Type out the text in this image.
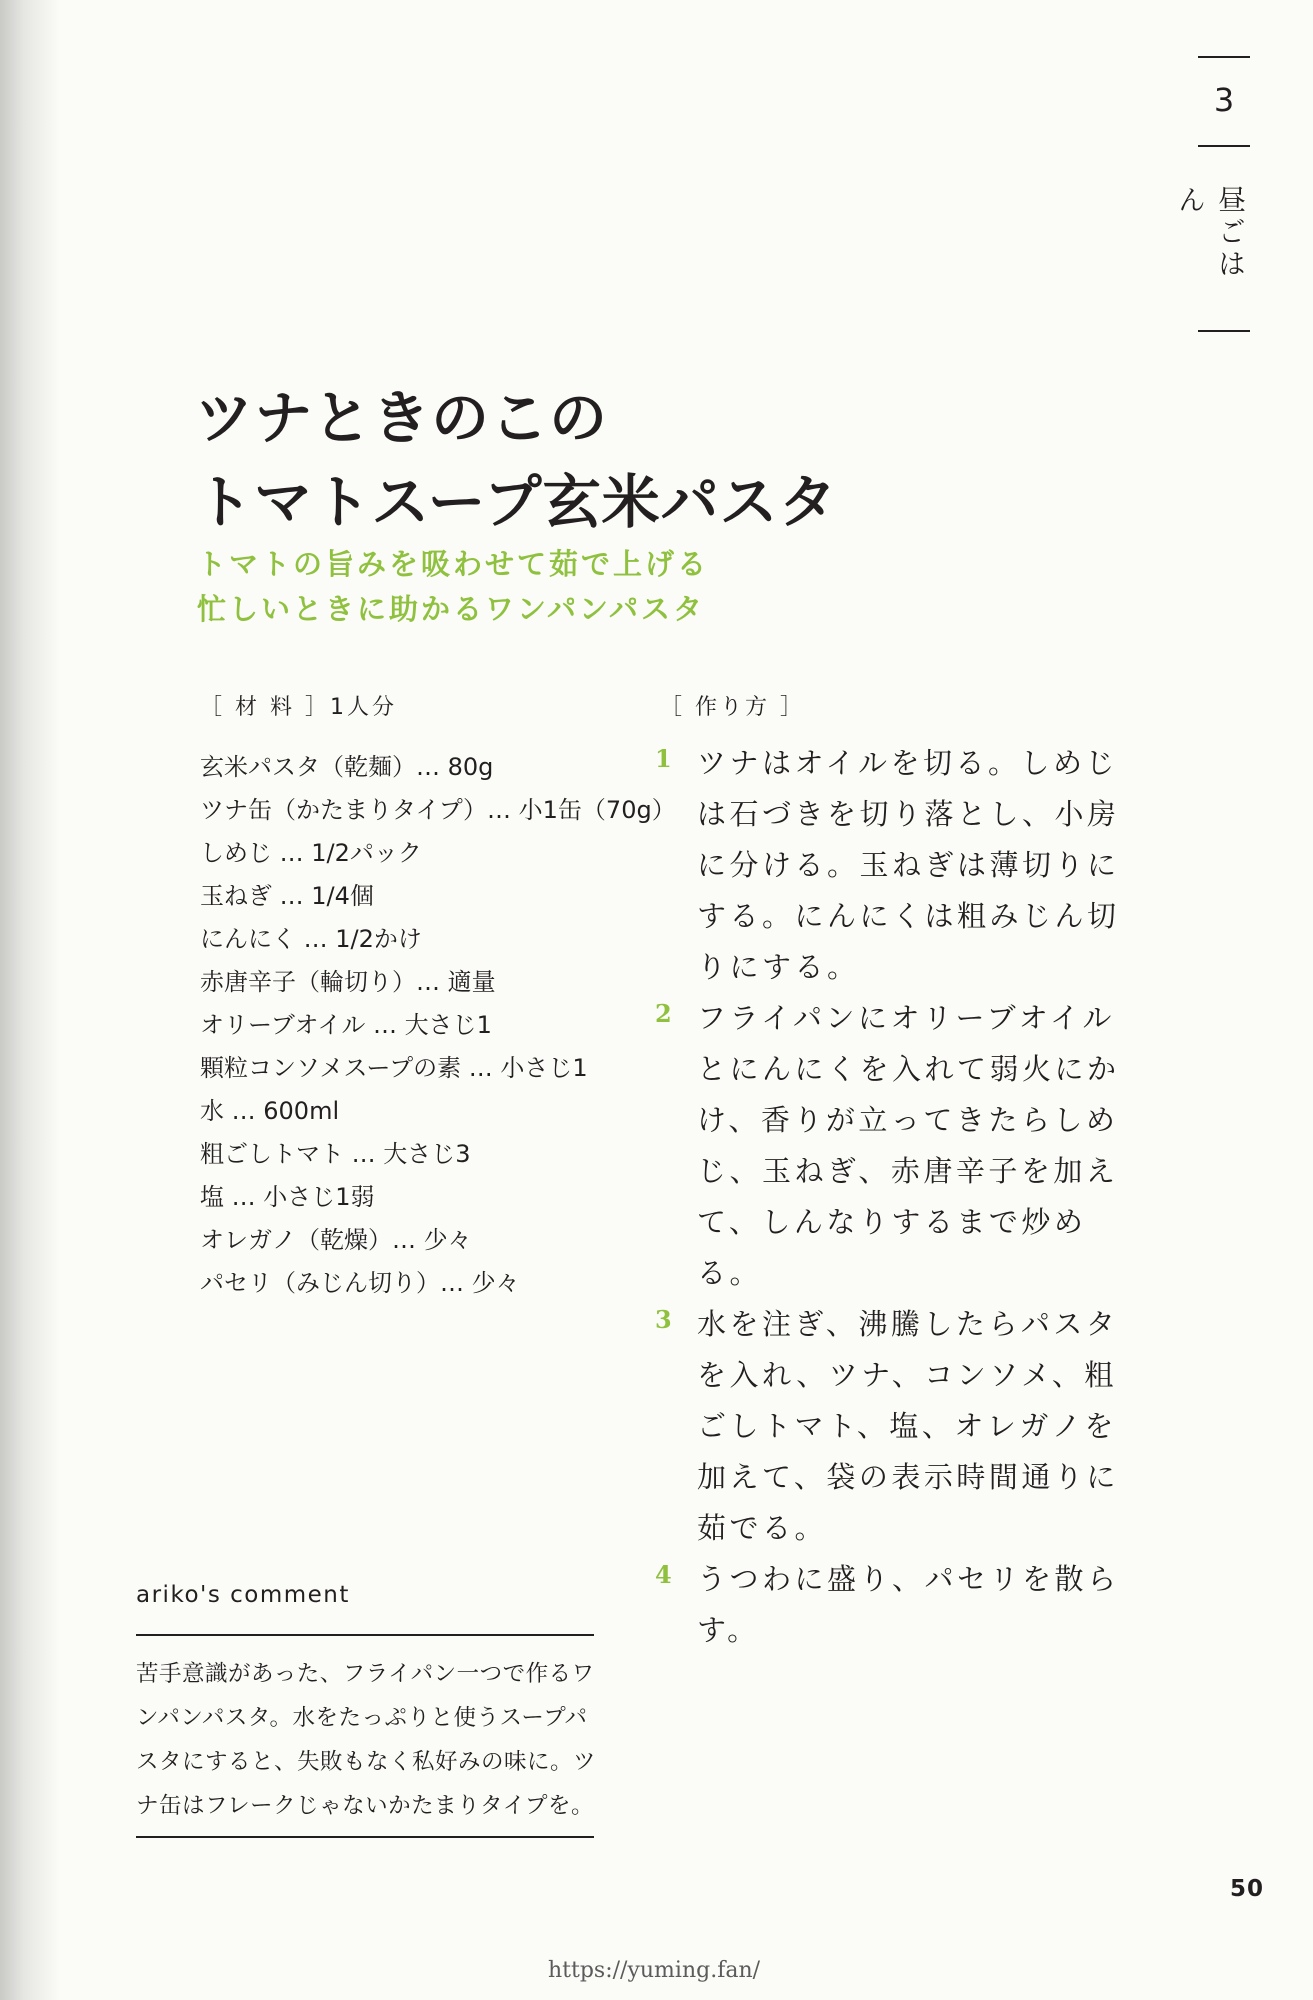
3
昼ごはん
ツナときのこの
トマトスープ玄米パスタ
トマトの旨みを吸わせて茹で上げる
忙しいときに助かるワンパンパスタ
［ 材 料 ］1人分
玄米パスタ（乾麺）… 80g
ツナ缶（かたまりタイプ）… 小1缶（70g）
しめじ … 1/2パック
玉ねぎ … 1/4個
にんにく … 1/2かけ
赤唐辛子（輪切り）… 適量
オリーブオイル … 大さじ1
顆粒コンソメスープの素 … 小さじ1
水 … 600ml
粗ごしトマト … 大さじ3
塩 … 小さじ1弱
オレガノ（乾燥）… 少々
パセリ（みじん切り）… 少々
［ 作り方 ］
1 ツナはオイルを切る。しめじは石づきを切り落とし、小房に分ける。玉ねぎは薄切りにする。にんにくは粗みじん切りにする。
2 フライパンにオリーブオイルとにんにくを入れて弱火にかけ、香りが立ってきたらしめじ、玉ねぎ、赤唐辛子を加えて、しんなりするまで炒める。
3 水を注ぎ、沸騰したらパスタを入れ、ツナ、コンソメ、粗ごしトマト、塩、オレガノを加えて、袋の表示時間通りに茹でる。
4 うつわに盛り、パセリを散らす。
ariko's comment

苦手意識があった、フライパン一つで作るワ
ンパンパスタ。水をたっぷりと使うスープパ
スタにすると、失敗もなく私好みの味に。ツ
ナ缶はフレークじゃないかたまりタイプを。

50
https://yuming.fan/
